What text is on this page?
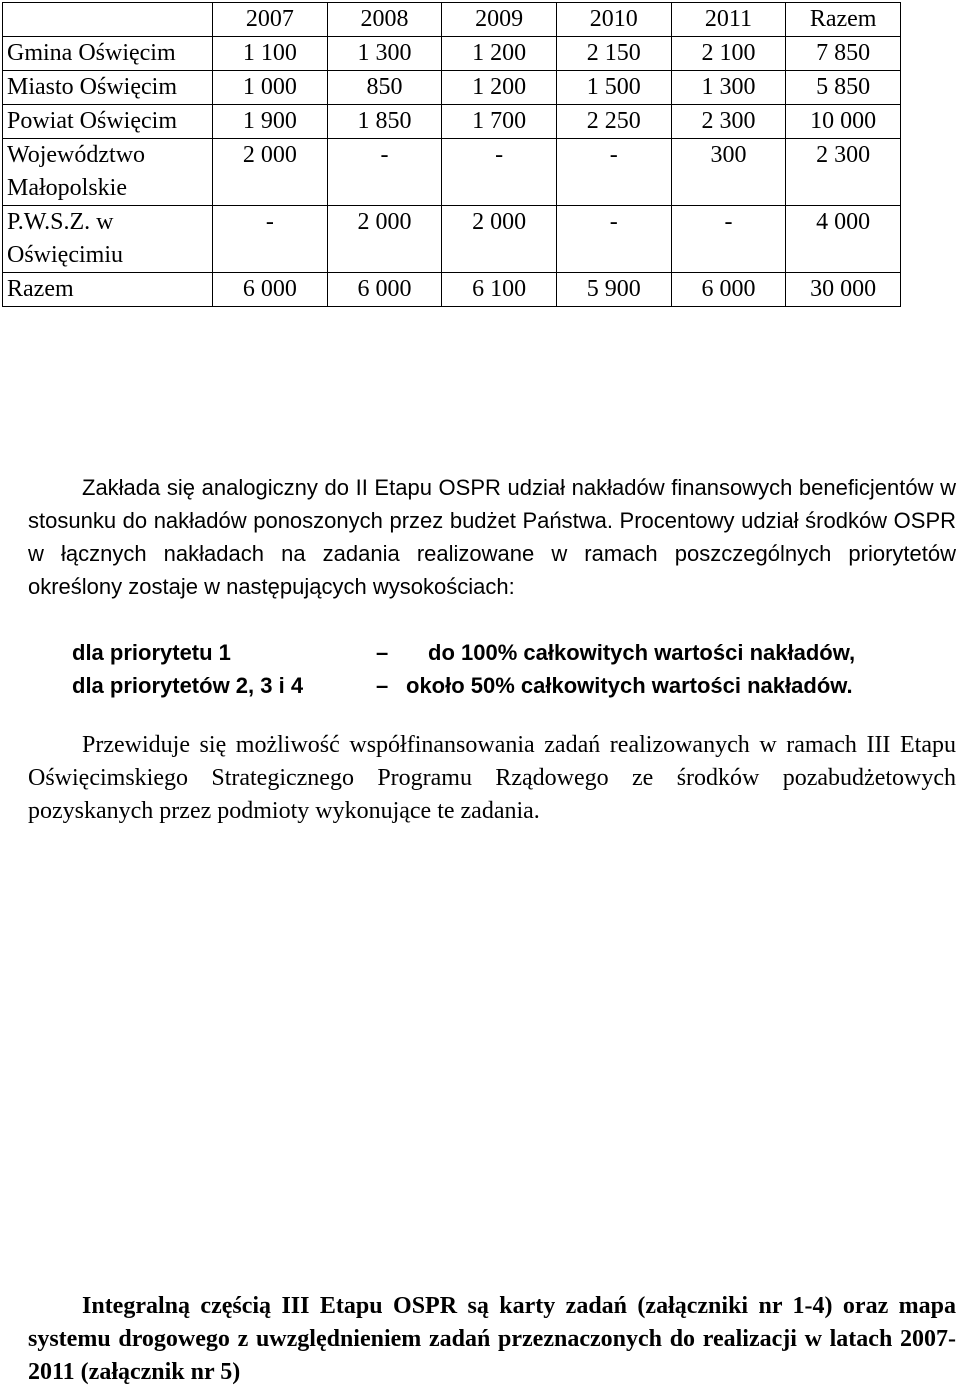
	2007	2008	2009	2010	2011	Razem
Gmina Oświęcim	1 100	1 300	1 200	2 150	2 100	7 850
Miasto Oświęcim	1 000	850	1 200	1 500	1 300	5 850
Powiat Oświęcim	1 900	1 850	1 700	2 250	2 300	10 000
Województwo Małopolskie	2 000	-	-	-	300	2 300
P.W.S.Z. w Oświęcimiu	-	2 000	2 000	-	-	4 000
Razem	6 000	6 000	6 100	5 900	6 000	30 000

Zakłada się analogiczny do II Etapu OSPR udział nakładów finansowych beneficjentów w stosunku do nakładów ponoszonych przez budżet Państwa. Procentowy udział środków OSPR w łącznych nakładach na zadania realizowane w ramach poszczególnych priorytetów określony zostaje w następujących wysokościach:

dla priorytetu 1	– do 100% całkowitych wartości nakładów,
dla priorytetów 2, 3 i 4	– około 50% całkowitych wartości nakładów.

Przewiduje się możliwość współfinansowania zadań realizowanych w ramach III Etapu Oświęcimskiego Strategicznego Programu Rządowego ze środków pozabudżetowych pozyskanych przez podmioty wykonujące te zadania.

Integralną częścią III Etapu OSPR są karty zadań (załączniki nr 1-4) oraz mapa systemu drogowego z uwzględnieniem zadań przeznaczonych do realizacji w latach 2007-2011 (załącznik nr 5)
